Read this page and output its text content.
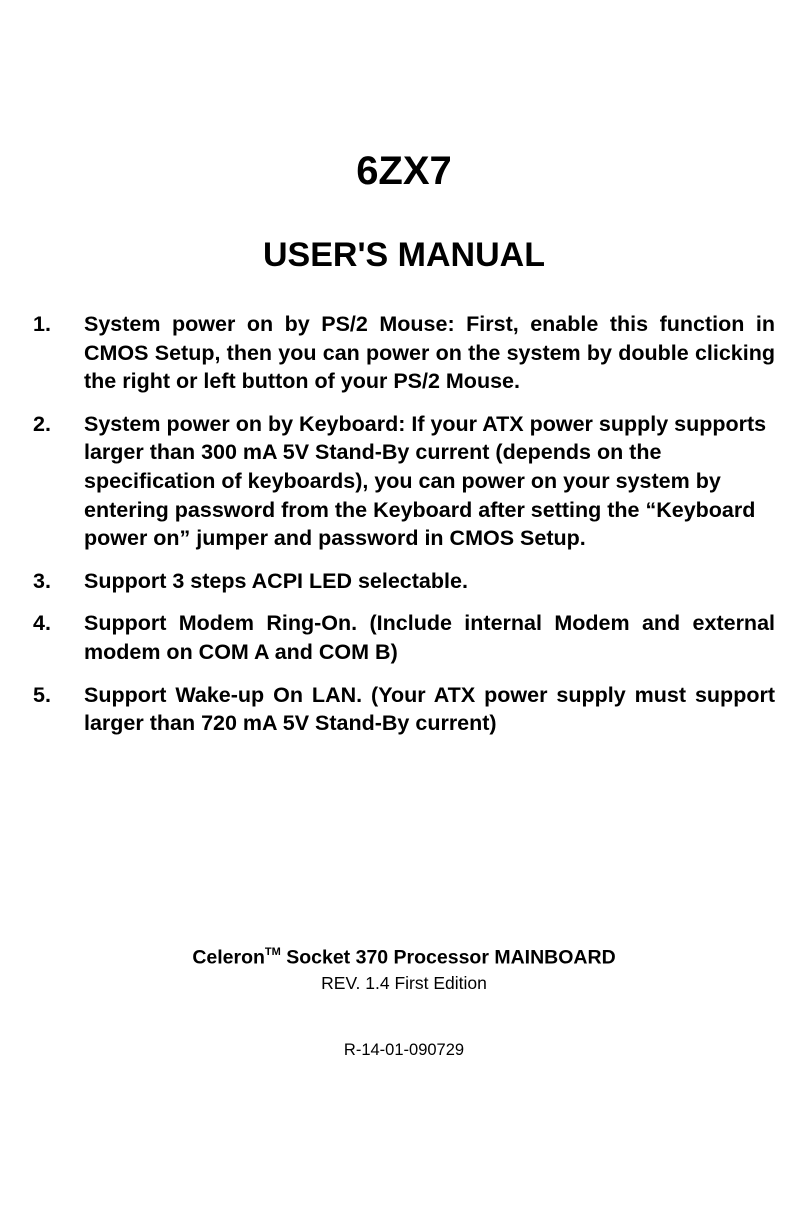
6ZX7
USER'S MANUAL
1. System power on by PS/2 Mouse: First, enable this function in CMOS Setup, then you can power on the system by double clicking the right or left button of your PS/2 Mouse.
2. System power on by Keyboard: If your ATX power supply supports larger than 300 mA 5V Stand-By current (depends on the specification of keyboards), you can power on your system by entering password from the Keyboard after setting the “Keyboard power on” jumper and password in CMOS Setup.
3. Support 3 steps ACPI LED selectable.
4. Support Modem Ring-On. (Include internal Modem and external modem on COM A and COM B)
5. Support Wake-up On LAN. (Your ATX power supply must support larger than 720 mA 5V Stand-By current)
Celeron™ Socket 370 Processor MAINBOARD
REV. 1.4 First Edition
R-14-01-090729
